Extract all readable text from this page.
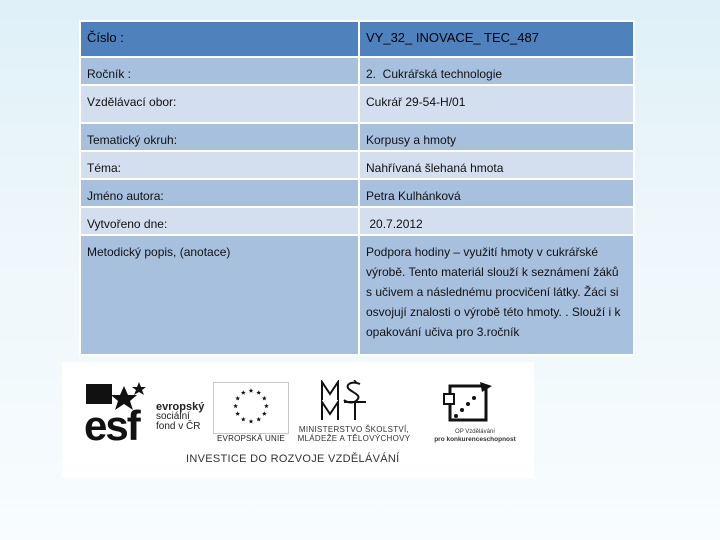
Číslo :	VY_32_ INOVACE_ TEC_487
Ročník :	2.  Cukrářská technologie
Vzdělávací obor:	Cukrář 29-54-H/01
Tematický okruh:	Korpusy a hmoty
Téma:	Nahřívaná šlehaná hmota
Jméno autora:	Petra Kulhánková
Vytvořeno dne:	20.7.2012
Metodický popis, (anotace)	Podpora hodiny – využití hmoty v cukrářské výrobě. Tento materiál slouží k seznámení žáků s učivem a následnému procvičení látky. Žáci si osvojují znalosti o výrobě této hmoty. . Slouží i k opakování učiva pro 3.ročník
esf evropský
sociální
fond v ČR
EVROPSKÁ UNIE
MINISTERSTVO ŠKOLSTVÍ,
MLÁDEŽE A TĚLOVÝCHOVY
OP Vzdělávání
pro konkurenceschopnost
INVESTICE DO ROZVOJE VZDĚLÁVÁNÍ
